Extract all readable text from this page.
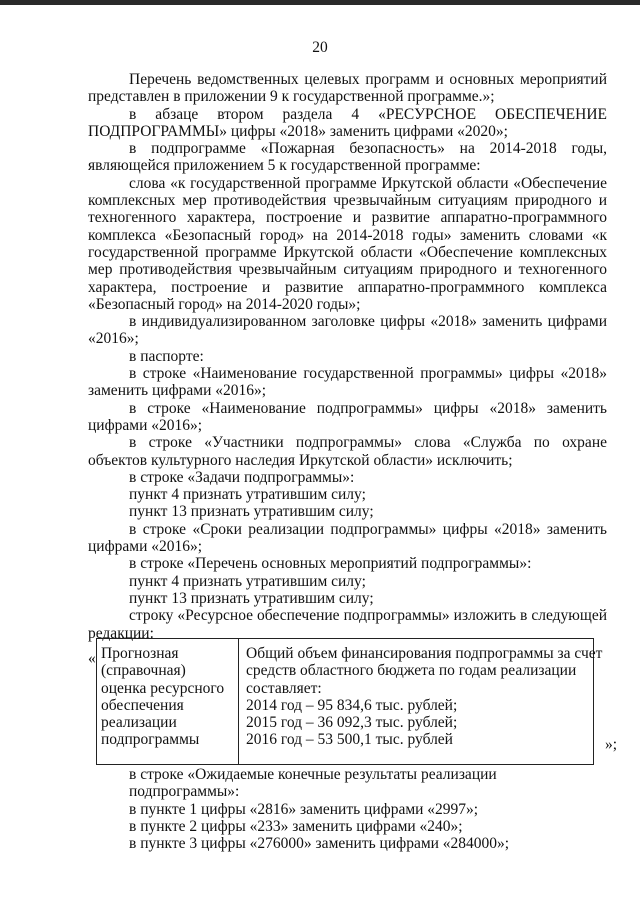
20

Перечень ведомственных целевых программ и основных мероприятий

представлен в приложении 9 к государственной программе.»;

в абзаце втором раздела 4 «РЕСУРСНОЕ ОБЕСПЕЧЕНИЕ

ПОДПРОГРАММЫ» цифры «2018» заменить цифрами «2020»;

в подпрограмме «Пожарная безопасность» на 2014-2018 годы,

являющейся приложением 5 к государственной программе:

слова «к государственной программе Иркутской области «Обеспечение комплексных мер противодействия чрезвычайным ситуациям природного и техногенного характера, построение и развитие аппаратно-программного комплекса «Безопасный город» на 2014-2018 годы» заменить словами «к государственной программе Иркутской области «Обеспечение комплексных мер противодействия чрезвычайным ситуациям природного и техногенного характера, построение и развитие аппаратно-программного комплекса «Безопасный город» на 2014-2020 годы»;

в индивидуализированном заголовке цифры «2018» заменить цифрами «2016»;

в паспорте:

в строке «Наименование государственной программы» цифры «2018» заменить цифрами «2016»;

в строке «Наименование подпрограммы» цифры «2018» заменить цифрами «2016»;

в строке «Участники подпрограммы» слова «Служба по охране объектов культурного наследия Иркутской области» исключить;

в строке «Задачи подпрограммы»:

пункт 4 признать утратившим силу;

пункт 13 признать утратившим силу;

в строке «Сроки реализации подпрограммы» цифры «2018» заменить цифрами «2016»;

в строке «Перечень основных мероприятий подпрограммы»:

пункт 4 признать утратившим силу;

пункт 13 признать утратившим силу;

строку «Ресурсное обеспечение подпрограммы» изложить в следующей редакции:

« Прогнозная
(справочная)
оценка ресурсного
обеспечения
реализации
подпрограммы
Общий объем финансирования подпрограммы за счет
средств областного бюджета по годам реализации
составляет:
2014 год – 95 834,6 тыс. рублей;
2015 год – 36 092,3 тыс. рублей;
2016 год – 53 500,1 тыс. рублей	»;

в строке «Ожидаемые конечные результаты реализации подпрограммы»:

в пункте 1 цифры «2816» заменить цифрами «2997»;

в пункте 2 цифры «233» заменить цифрами «240»;

в пункте 3 цифры «276000» заменить цифрами «284000»;
